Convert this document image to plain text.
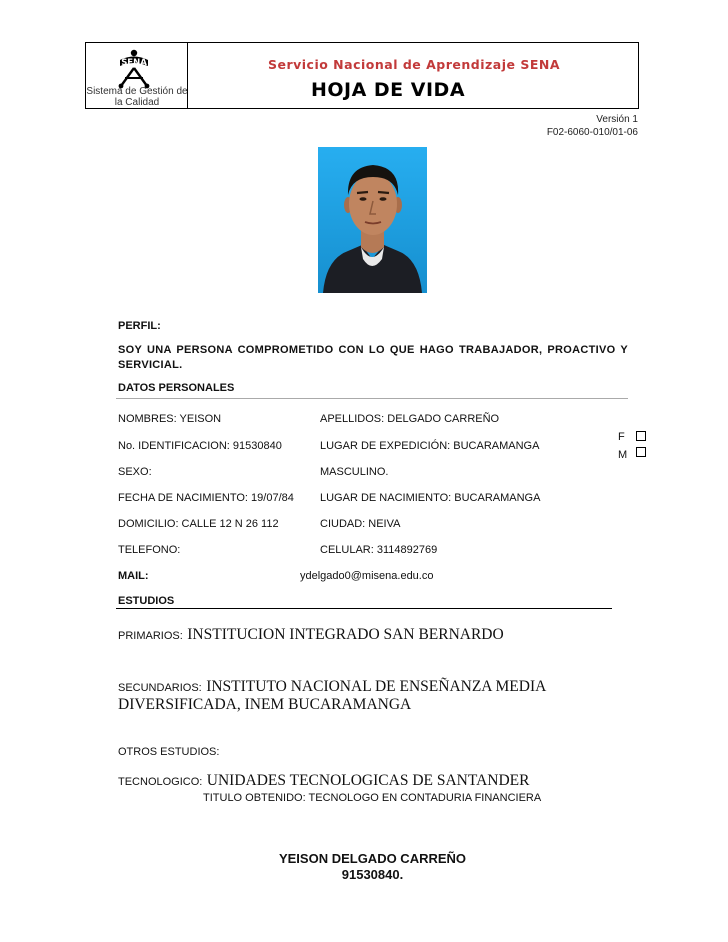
SENA
Sistema de Gestión de la Calidad
Servicio Nacional de Aprendizaje SENA
HOJA DE VIDA
Versión 1
F02-6060-010/01-06
PERFIL:
SOY UNA PERSONA COMPROMETIDO CON LO QUE HAGO TRABAJADOR, PROACTIVO Y SERVICIAL.
DATOS PERSONALES
NOMBRES: YEISON	APELLIDOS: DELGADO CARREÑO
No. IDENTIFICACION: 91530840	LUGAR DE EXPEDICIÓN: BUCARAMANGA
F
M
SEXO:	MASCULINO.
FECHA DE NACIMIENTO: 19/07/84 LUGAR DE NACIMIENTO: BUCARAMANGA
DOMICILIO: CALLE 12 N 26 112	CIUDAD: NEIVA
TELEFONO:	CELULAR: 3114892769
MAIL:	ydelgado0@misena.edu.co
ESTUDIOS
PRIMARIOS: INSTITUCION INTEGRADO SAN BERNARDO
SECUNDARIOS: INSTITUTO NACIONAL DE ENSEÑANZA MEDIA
DIVERSIFICADA, INEM BUCARAMANGA
OTROS ESTUDIOS:
TECNOLOGICO: UNIDADES TECNOLOGICAS DE SANTANDER
TITULO OBTENIDO: TECNOLOGO EN CONTADURIA FINANCIERA
YEISON DELGADO CARREÑO
91530840.
